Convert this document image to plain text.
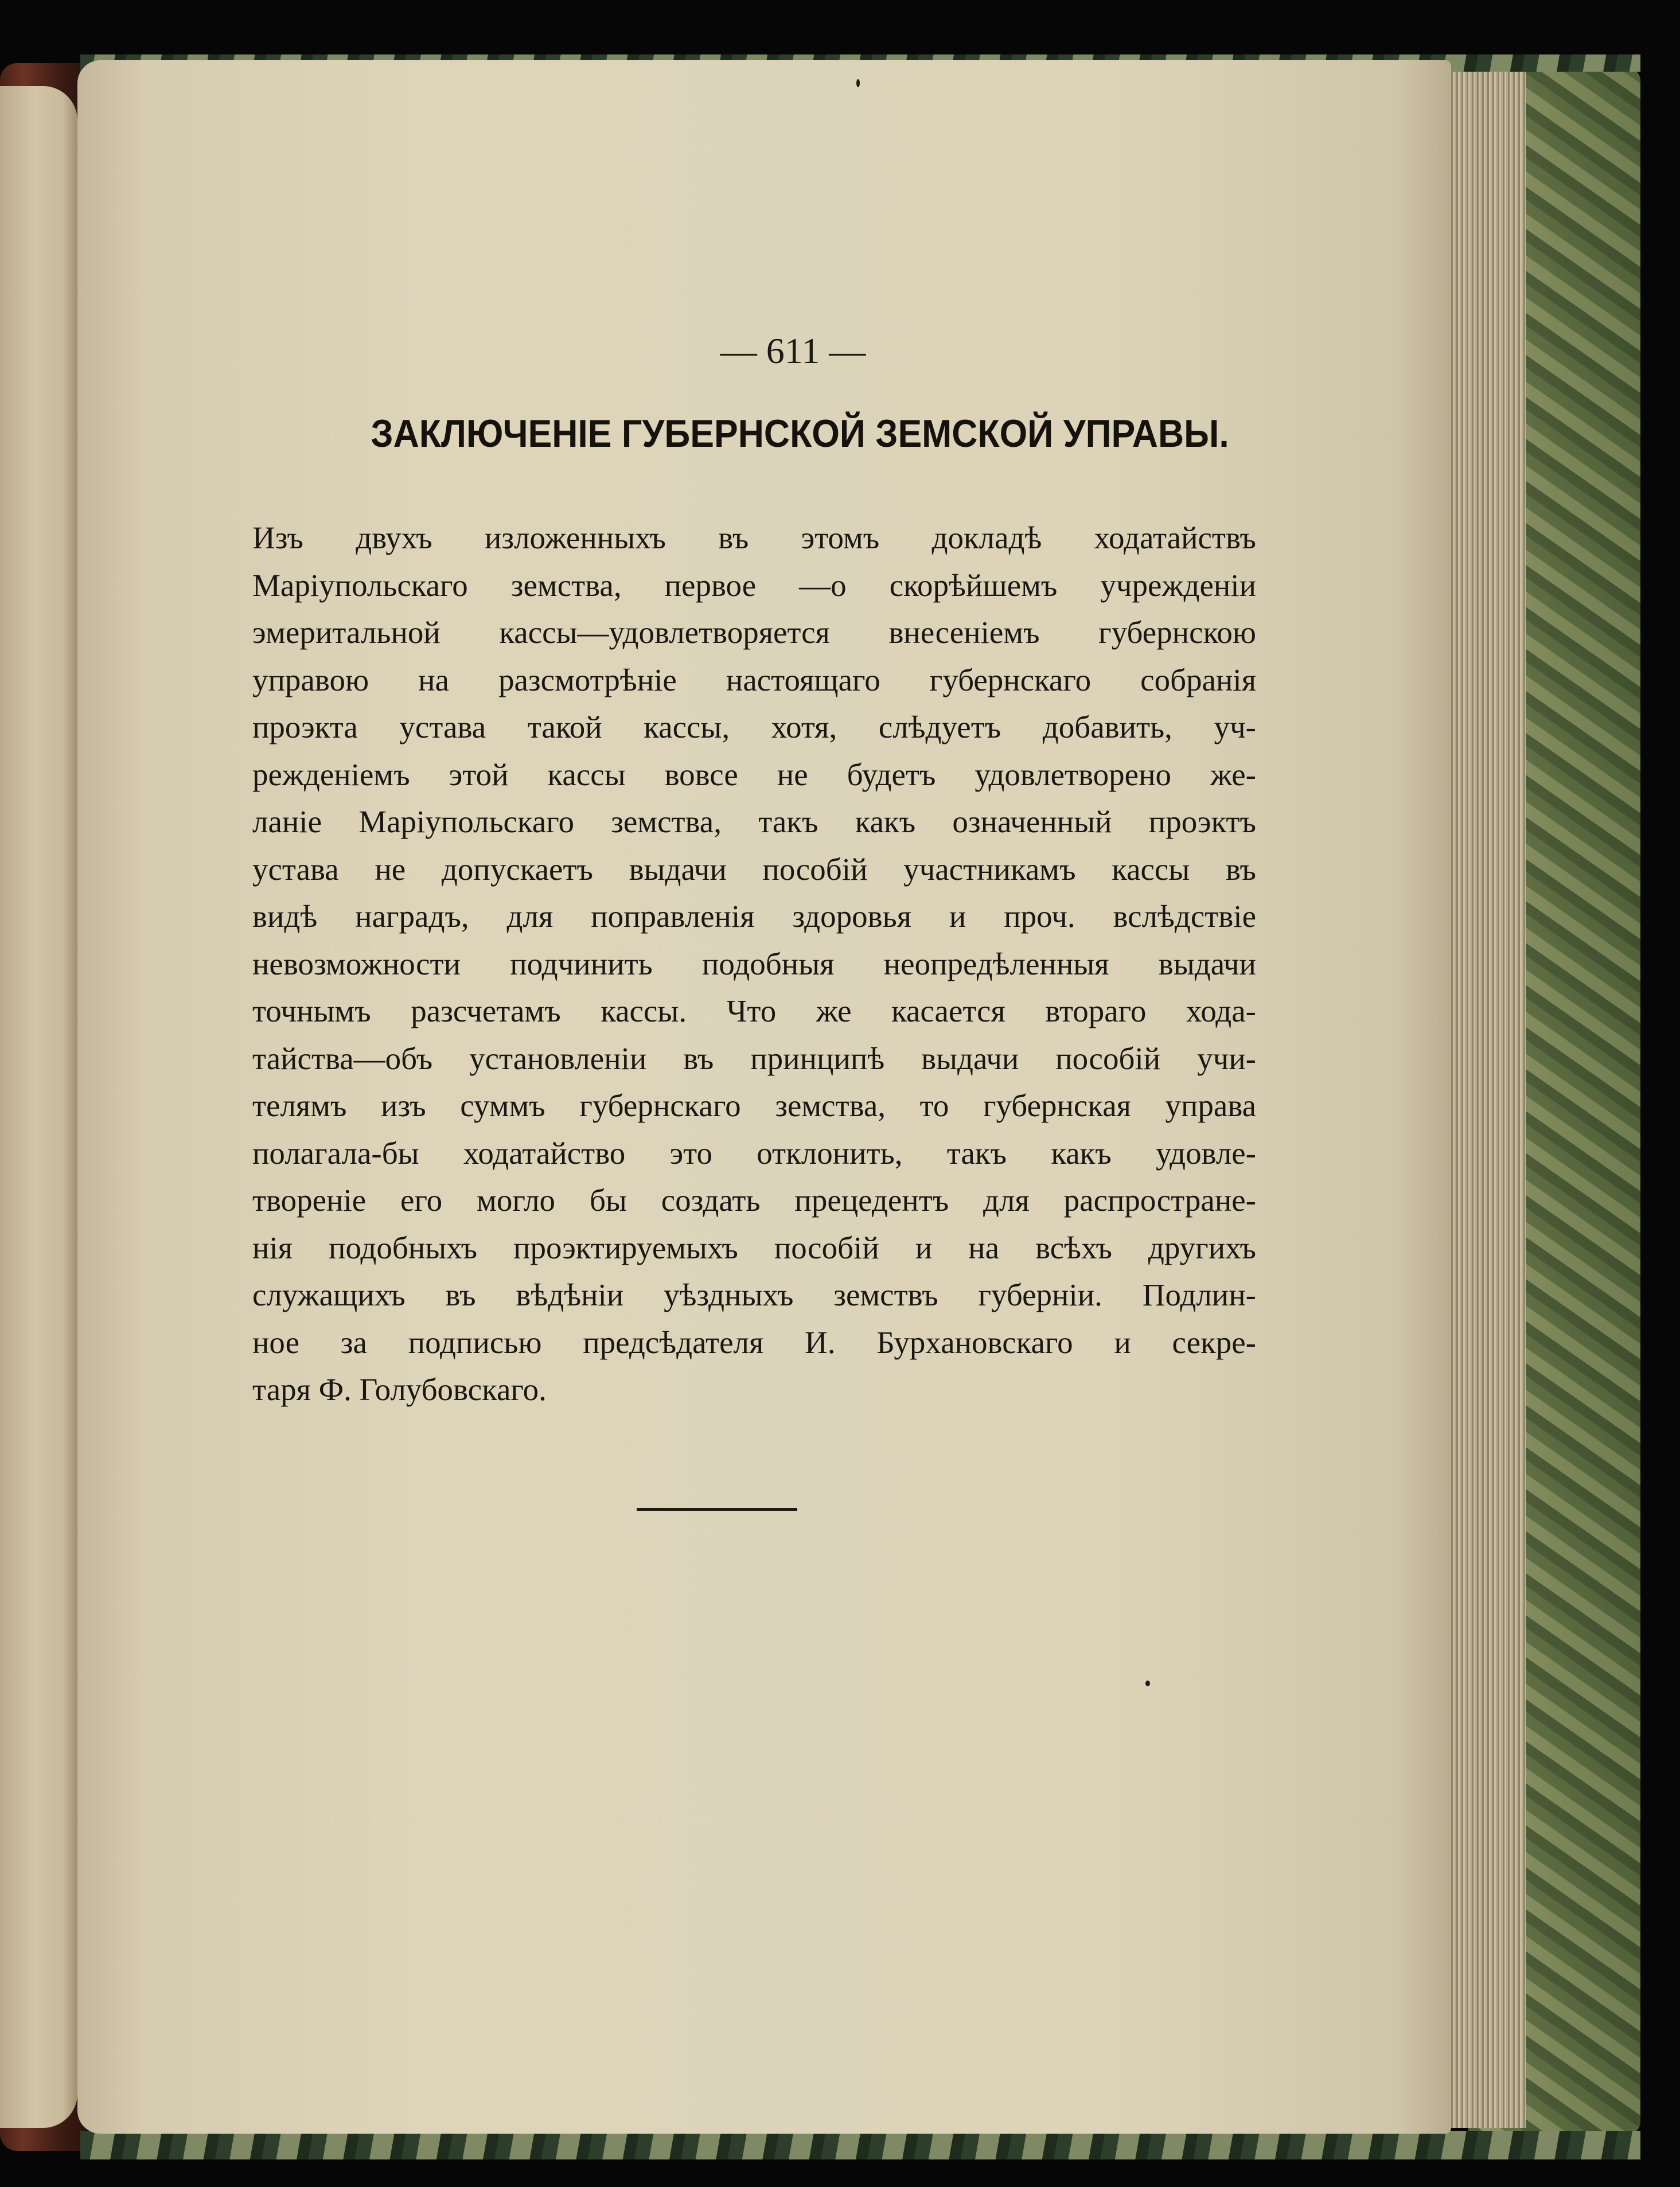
— 611 —
ЗАКЛЮЧЕНІЕ ГУБЕРНСКОЙ ЗЕМСКОЙ УПРАВЫ.
Изъ двухъ изложенныхъ въ этомъ докладѣ ходатайствъ
Маріупольскаго земства, первое —о скорѣйшемъ учрежденіи
эмеритальной кассы—удовлетворяется внесеніемъ губернскою
управою на разсмотрѣніе настоящаго губернскаго собранія
проэкта устава такой кассы, хотя, слѣдуетъ добавить, уч-
режденіемъ этой кассы вовсе не будетъ удовлетворено же-
ланіе Маріупольскаго земства, такъ какъ означенный проэктъ
устава не допускаетъ выдачи пособій участникамъ кассы въ
видѣ наградъ, для поправленія здоровья и проч. вслѣдствіе
невозможности подчинить подобныя неопредѣленныя выдачи
точнымъ разсчетамъ кассы. Что же касается втораго хода-
тайства—объ установленіи въ принципѣ выдачи пособій учи-
телямъ изъ суммъ губернскаго земства, то губернская управа
полагала-бы ходатайство это отклонить, такъ какъ удовле-
твореніе его могло бы создать прецедентъ для распростране-
нія подобныхъ проэктируемыхъ пособій и на всѣхъ другихъ
служащихъ въ вѣдѣніи уѣздныхъ земствъ губерніи. Подлин-
ное за подписью предсѣдателя И. Бурхановскаго и секре-
таря Ф. Голубовскаго.
